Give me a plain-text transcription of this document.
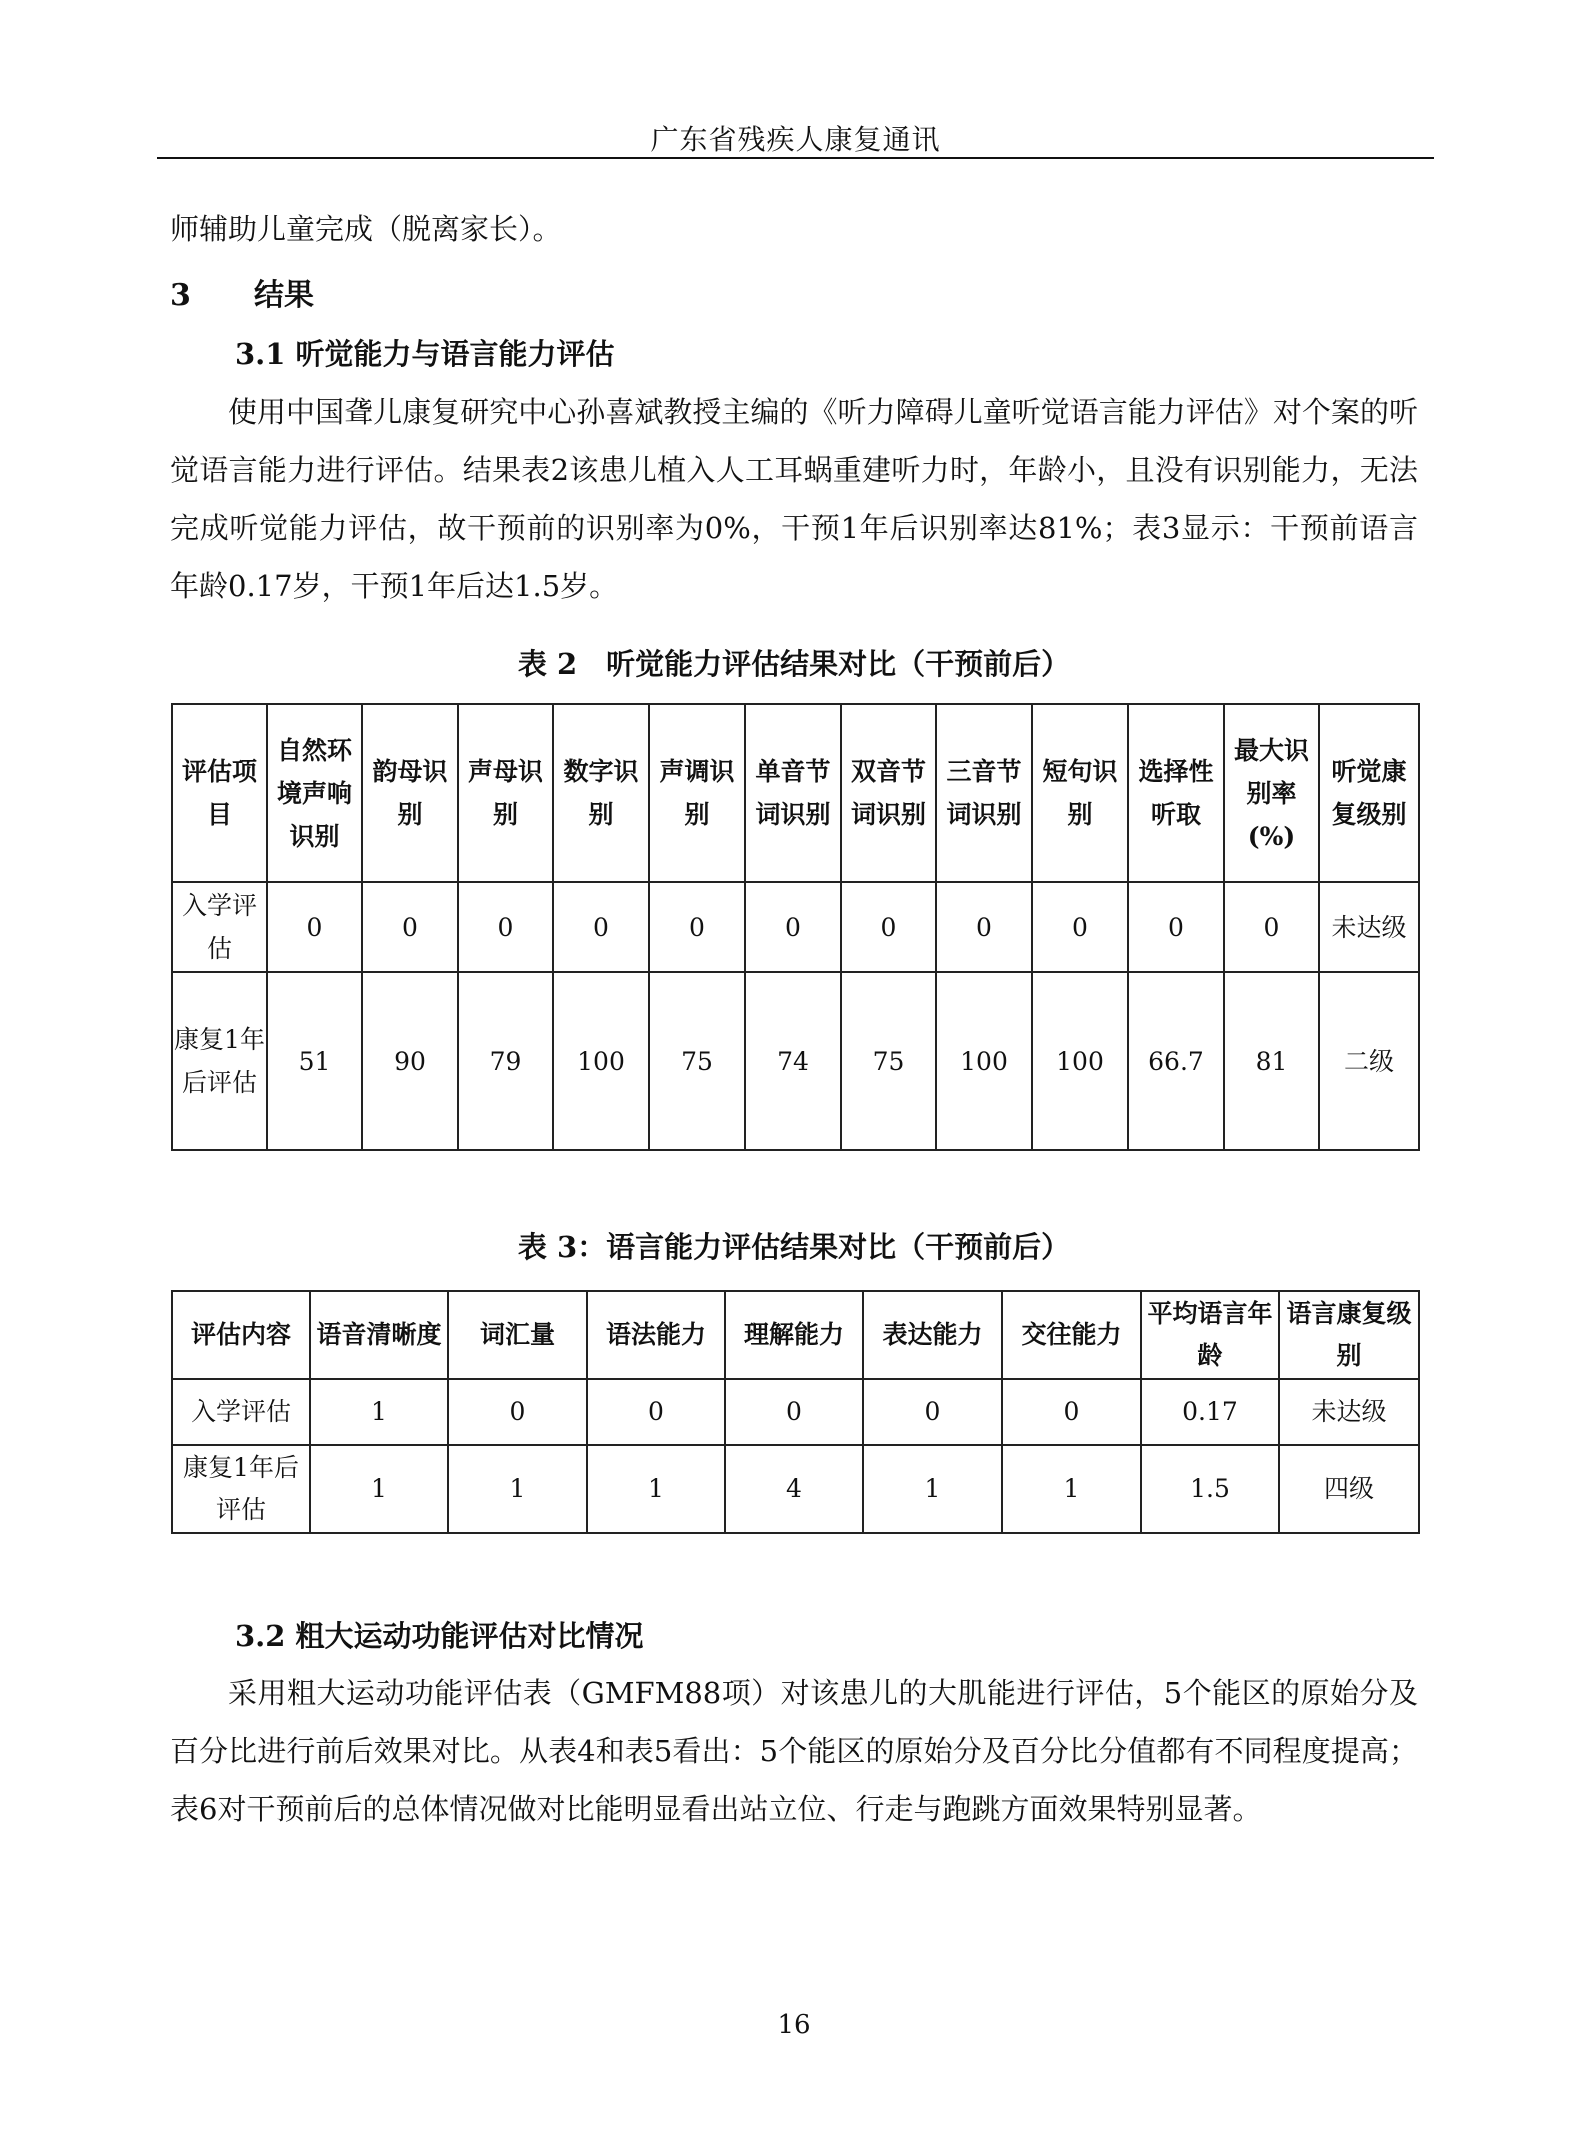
广东省残疾人康复通讯
师辅助儿童完成（脱离家长）。
3 结果
3.1 听觉能力与语言能力评估
使用中国聋儿康复研究中心孙喜斌教授主编的《听力障碍儿童听觉语言能力评估》对个案的听觉语言能力进行评估。结果表2该患儿植入人工耳蜗重建听力时，年龄小，且没有识别能力，无法完成听觉能力评估，故干预前的识别率为0%，干预1年后识别率达81%；表3显示：干预前语言年龄0.17岁，干预1年后达1.5岁。
表 2　听觉能力评估结果对比（干预前后）
评估项目	自然环境声响识别	韵母识别	声母识别	数字识别	声调识别	单音节词识别	双音节词识别	三音节词识别	短句识别	选择性听取	最大识别率(%)	听觉康复级别
入学评估	0	0	0	0	0	0	0	0	0	0	0	未达级
康复1年后评估	51	90	79	100	75	74	75	100	100	66.7	81	二级
表 3：语言能力评估结果对比（干预前后）
评估内容	语音清晰度	词汇量	语法能力	理解能力	表达能力	交往能力	平均语言年龄	语言康复级别
入学评估	1	0	0	0	0	0	0.17	未达级
康复1年后评估	1	1	1	4	1	1	1.5	四级
3.2 粗大运动功能评估对比情况
采用粗大运动功能评估表（GMFM88项）对该患儿的大肌能进行评估，5个能区的原始分及百分比进行前后效果对比。从表4和表5看出：5个能区的原始分及百分比分值都有不同程度提高；表6对干预前后的总体情况做对比能明显看出站立位、行走与跑跳方面效果特别显著。
16
